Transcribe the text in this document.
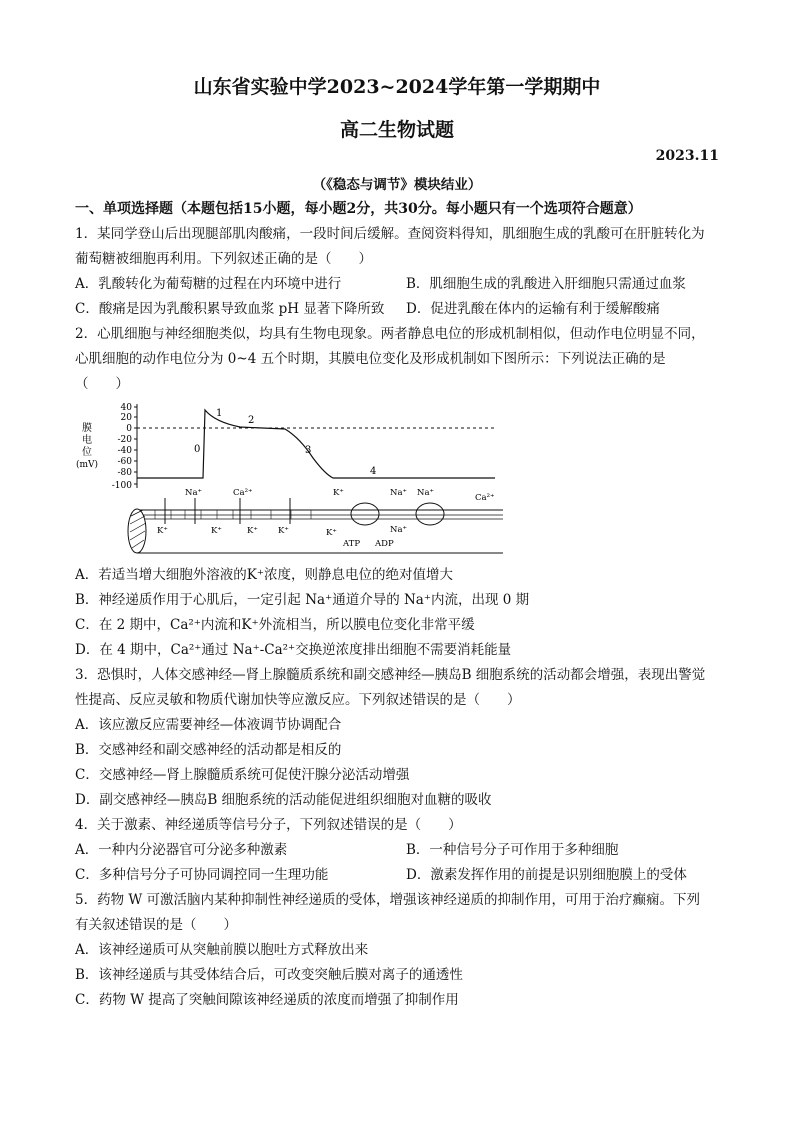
山东省实验中学2023~2024学年第一学期期中
高二生物试题
2023.11
（《稳态与调节》模块结业）
一、单项选择题（本题包括15小题，每小题2分，共30分。每小题只有一个选项符合题意）
1．某同学登山后出现腿部肌肉酸痛，一段时间后缓解。查阅资料得知，肌细胞生成的乳酸可在肝脏转化为
葡萄糖被细胞再利用。下列叙述正确的是（　　）
A．乳酸转化为葡萄糖的过程在内环境中进行	B．肌细胞生成的乳酸进入肝细胞只需通过血浆
C．酸痛是因为乳酸积累导致血浆 pH 显著下降所致 D．促进乳酸在体内的运输有利于缓解酸痛
2．心肌细胞与神经细胞类似，均具有生物电现象。两者静息电位的形成机制相似，但动作电位明显不同，
心肌细胞的动作电位分为 0~4 五个时期，其膜电位变化及形成机制如下图所示：下列说法正确的是
（　　）
膜
电
位
(mV)
40
20
0
-20
-40
-60
-80
-100
0
1
2
3
4
Na⁺	Ca²⁺	K⁺	Na⁺ Na⁺	Ca²⁺
K⁺	K⁺	K⁺ K⁺	K⁺	Na⁺
ATP ADP
A．若适当增大细胞外溶液的K⁺浓度，则静息电位的绝对值增大
B．神经递质作用于心肌后，一定引起 Na⁺通道介导的 Na⁺内流，出现 0 期
C．在 2 期中，Ca²⁺内流和K⁺外流相当，所以膜电位变化非常平缓
D．在 4 期中，Ca²⁺通过 Na⁺-Ca²⁺交换逆浓度排出细胞不需要消耗能量
3．恐惧时，人体交感神经—肾上腺髓质系统和副交感神经—胰岛B 细胞系统的活动都会增强，表现出警觉
性提高、反应灵敏和物质代谢加快等应激反应。下列叙述错误的是（　　）
A．该应激反应需要神经—体液调节协调配合
B．交感神经和副交感神经的活动都是相反的
C．交感神经—肾上腺髓质系统可促使汗腺分泌活动增强
D．副交感神经—胰岛B 细胞系统的活动能促进组织细胞对血糖的吸收
4．关于激素、神经递质等信号分子，下列叙述错误的是（　　）
A．一种内分泌器官可分泌多种激素	B．一种信号分子可作用于多种细胞
C．多种信号分子可协同调控同一生理功能	D．激素发挥作用的前提是识别细胞膜上的受体
5．药物 W 可激活脑内某种抑制性神经递质的受体，增强该神经递质的抑制作用，可用于治疗癫痫。下列
有关叙述错误的是（　　）
A．该神经递质可从突触前膜以胞吐方式释放出来
B．该神经递质与其受体结合后，可改变突触后膜对离子的通透性
C．药物 W 提高了突触间隙该神经递质的浓度而增强了抑制作用
